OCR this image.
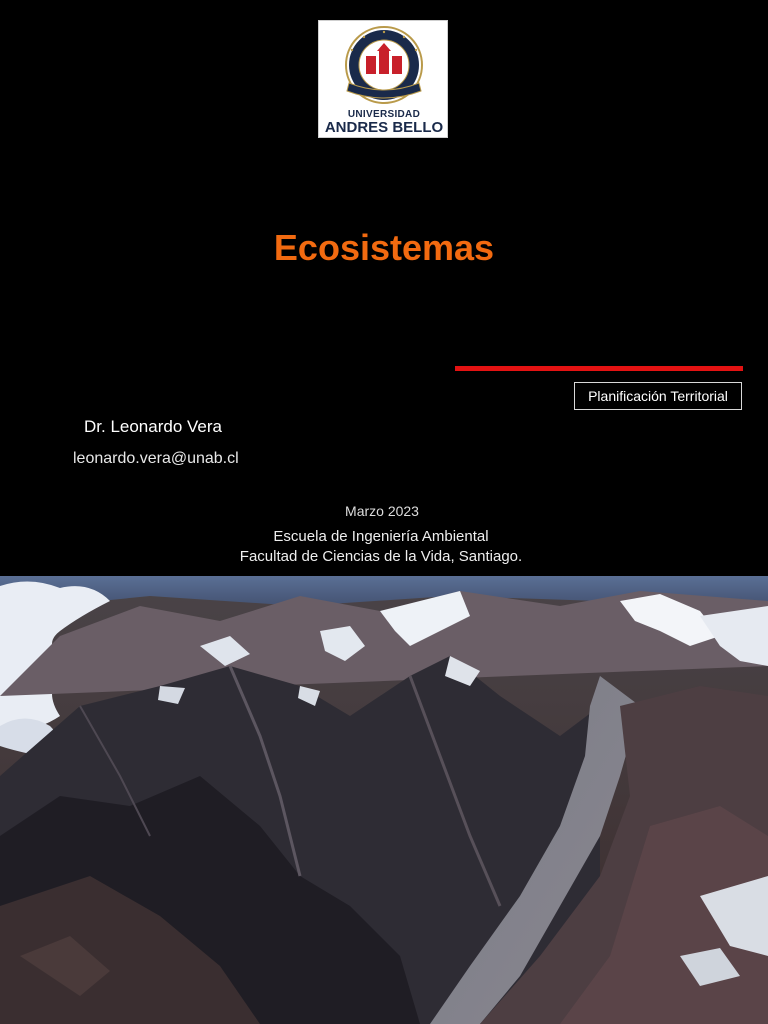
UNIVERSIDAD
ANDRES BELLO
Ecosistemas
Planificación Territorial
Dr. Leonardo Vera
leonardo.vera@unab.cl
Marzo 2023
Escuela de Ingeniería Ambiental
Facultad de Ciencias de la Vida, Santiago.
